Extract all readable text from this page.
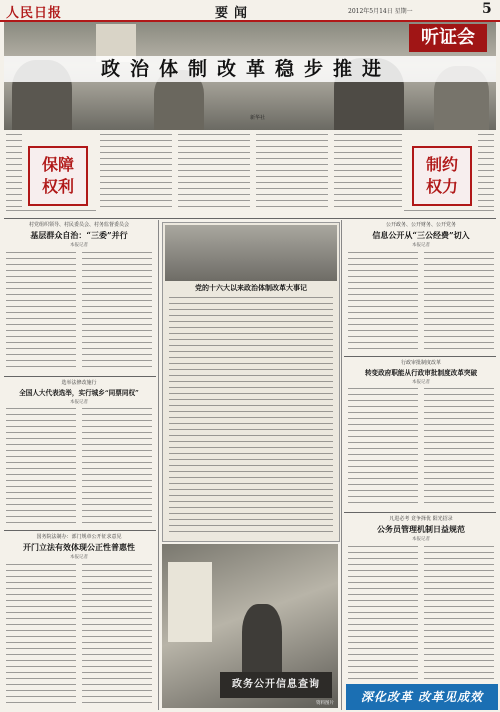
人民日报	要闻	2012年5月14日 星期一	5
听证会
政治体制改革稳步推进
新华社
保障
权利
制约
权力
村党组织领导、村民委员会、村务监督委员会
基层群众自治：“三委”并行
本报记者
选举法修改施行
全国人大代表选举，实行城乡“同票同权”
本报记者
国务院法制办：部门规章公开征求意见
开门立法有效体现公正性普惠性
本报记者
党的十六大以来政治体制改革大事记
政务公开信息查询
资料图片
公开政务、公开财务、公开党务
信息公开从“三公经费”切入
本报记者
行政审批制度改革
转变政府职能从行政审批制度改革突破
本报记者
凡进必考 竞争择优 阳光招录
公务员管理机制日益规范
本报记者
深化改革 改革见成效
